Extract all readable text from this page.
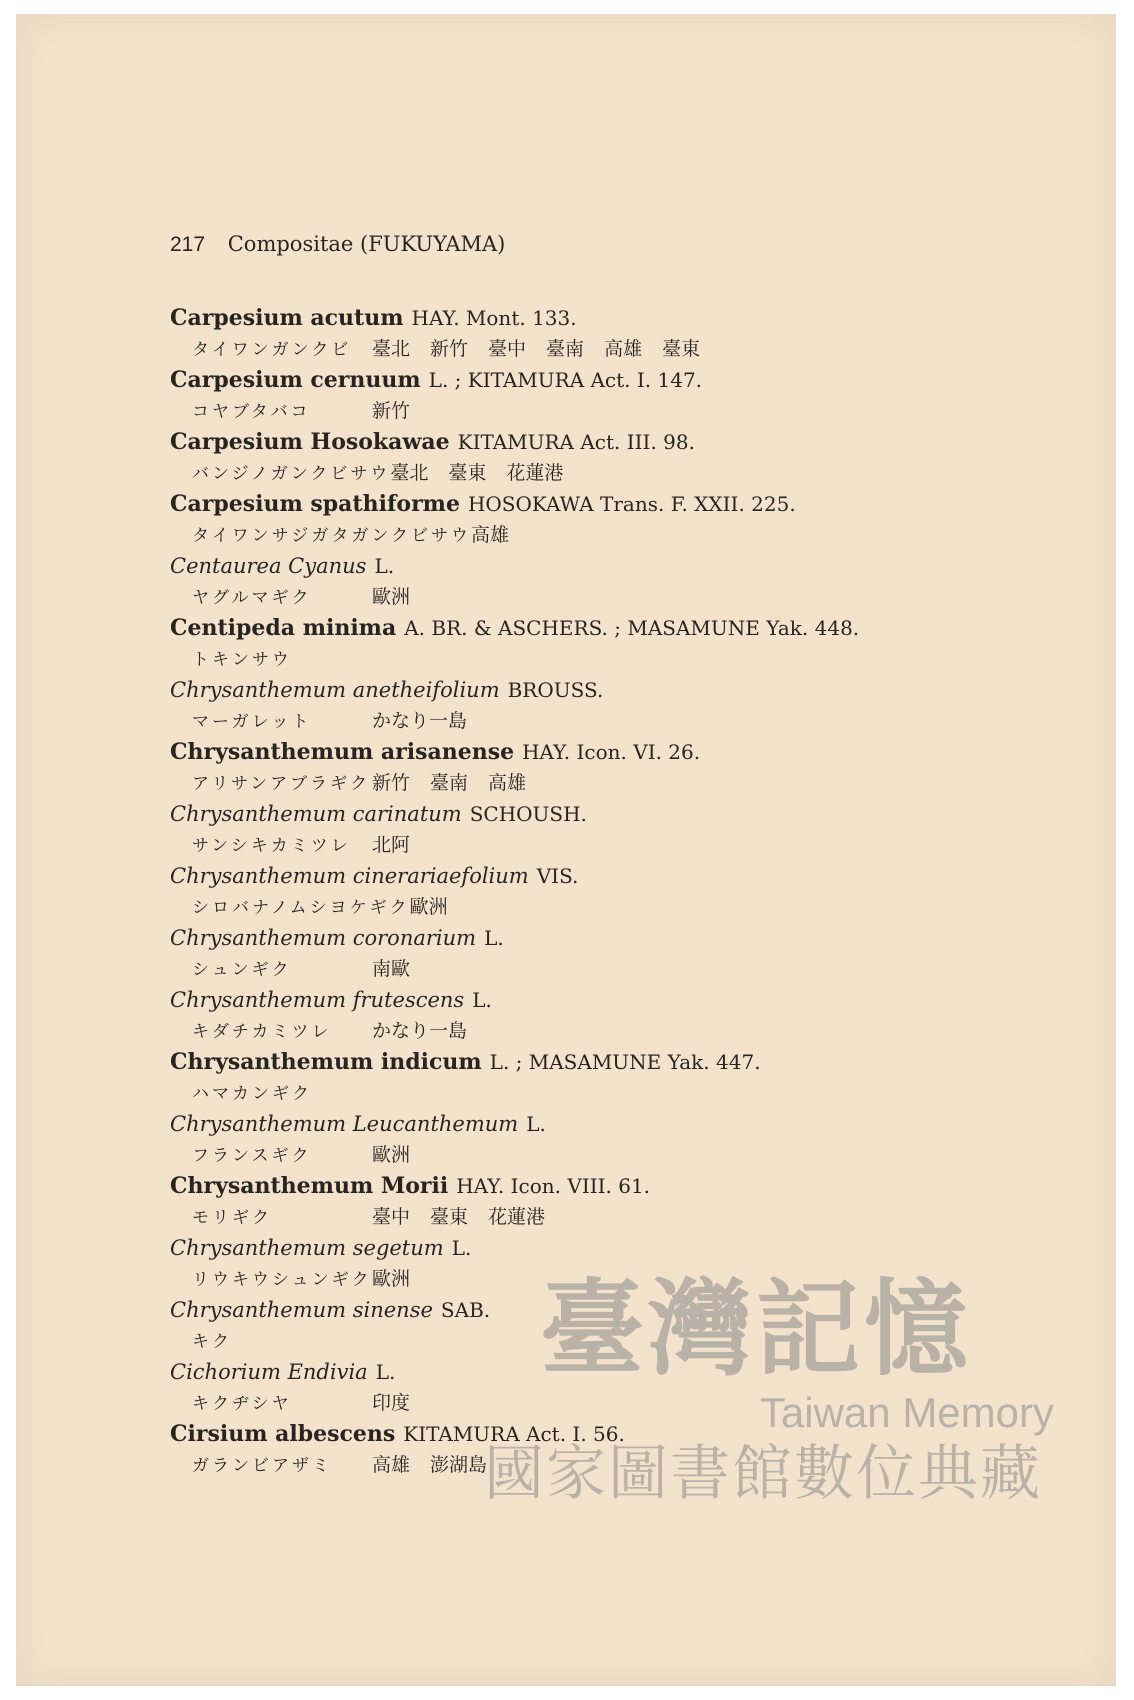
217 Compositae (FUKUYAMA)
Carpesium acutum HAY. Mont. 133.
タイワンガンクビ 臺北 新竹 臺中 臺南 高雄 臺東
Carpesium cernuum L. ; KITAMURA Act. I. 147.
コヤブタバコ	新竹
Carpesium Hosokawae KITAMURA Act. III. 98.
バンジノガンクビサウ臺北 臺東 花蓮港
Carpesium spathiforme HOSOKAWA Trans. F. XXII. 225.
タイワンサジガタガンクビサウ高雄
Centaurea Cyanus L.
ヤグルマギク	歐洲
Centipeda minima A. BR. & ASCHERS. ; MASAMUNE Yak. 448.
トキンサウ
Chrysanthemum anetheifolium BROUSS.
マーガレット	かなり一島
Chrysanthemum arisanense HAY. Icon. VI. 26.
アリサンアブラギク新竹 臺南 高雄
Chrysanthemum carinatum SCHOUSH.
サンシキカミツレ 北阿
Chrysanthemum cinerariaefolium VIS.
シロバナノムシヨケギク歐洲
Chrysanthemum coronarium L.
シュンギク	南歐
Chrysanthemum frutescens L.
キダチカミツレ かなり一島
Chrysanthemum indicum L. ; MASAMUNE Yak. 447.
ハマカンギク
Chrysanthemum Leucanthemum L.
フランスギク	歐洲
Chrysanthemum Morii HAY. Icon. VIII. 61.
モリギク	臺中 臺東 花蓮港
Chrysanthemum segetum L.
リウキウシュンギク歐洲
Chrysanthemum sinense SAB.
キク
Cichorium Endivia L.
キクヂシヤ	印度
Cirsium albescens KITAMURA Act. I. 56.
ガランビアザミ 高雄 澎湖島
臺灣記憶
Taiwan Memory
國家圖書館數位典藏
